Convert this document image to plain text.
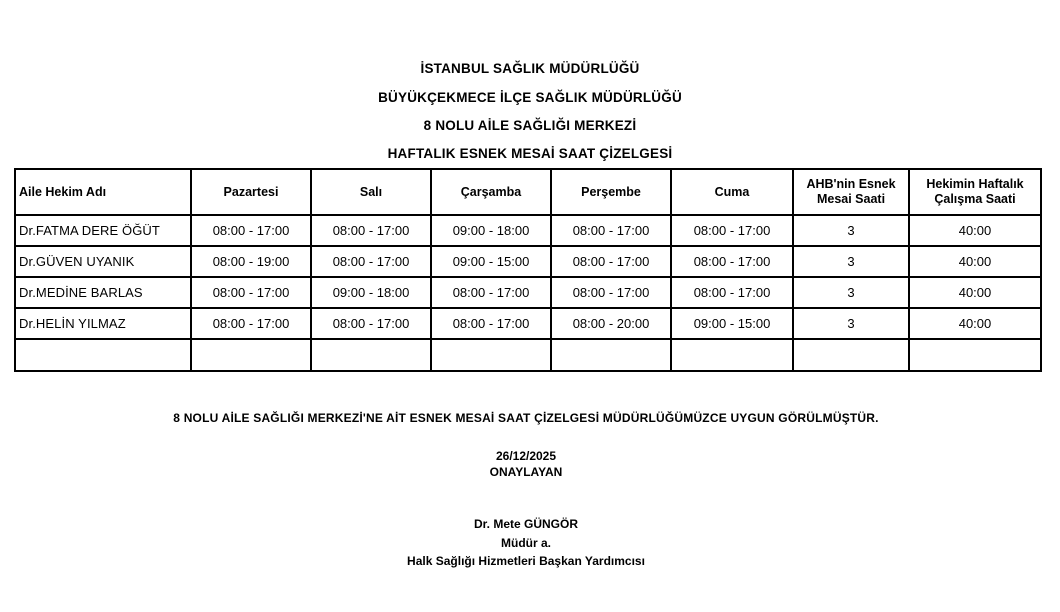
İSTANBUL SAĞLIK MÜDÜRLÜĞÜ
BÜYÜKÇEKMECE İLÇE SAĞLIK MÜDÜRLÜĞÜ
8 NOLU AİLE SAĞLIĞI MERKEZİ
HAFTALIK ESNEK MESAİ SAAT ÇİZELGESİ
Aile Hekim Adı	Pazartesi	Salı	Çarşamba	Perşembe	Cuma	AHB'nin Esnek Mesai Saati	Hekimin Haftalık Çalışma Saati
Dr.FATMA DERE ÖĞÜT	08:00 - 17:00	08:00 - 17:00	09:00 - 18:00	08:00 - 17:00	08:00 - 17:00	3	40:00
Dr.GÜVEN UYANIK	08:00 - 19:00	08:00 - 17:00	09:00 - 15:00	08:00 - 17:00	08:00 - 17:00	3	40:00
Dr.MEDİNE BARLAS	08:00 - 17:00	09:00 - 18:00	08:00 - 17:00	08:00 - 17:00	08:00 - 17:00	3	40:00
Dr.HELİN YILMAZ	08:00 - 17:00	08:00 - 17:00	08:00 - 17:00	08:00 - 20:00	09:00 - 15:00	3	40:00

8 NOLU AİLE SAĞLIĞI MERKEZİ'NE AİT ESNEK MESAİ SAAT ÇİZELGESİ MÜDÜRLÜĞÜMÜZCE UYGUN GÖRÜLMÜŞTÜR.
26/12/2025
ONAYLAYAN
Dr. Mete GÜNGÖR
Müdür a.
Halk Sağlığı Hizmetleri Başkan Yardımcısı
